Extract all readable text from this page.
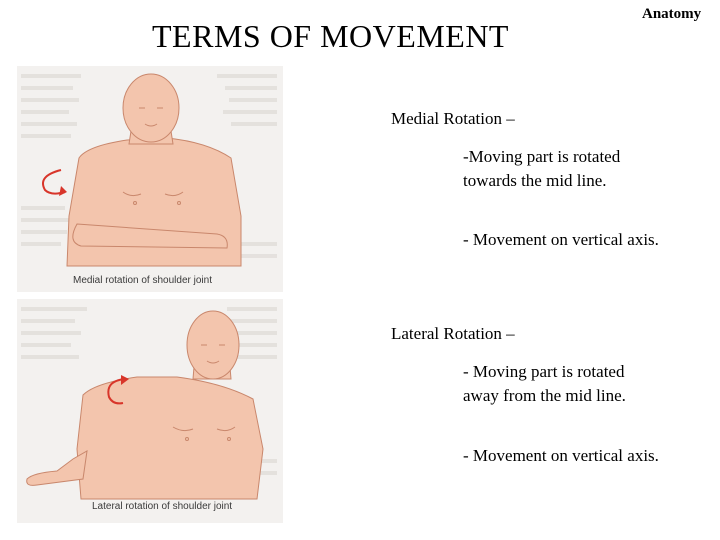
TERMS OF MOVEMENT
Anatomy
Medial rotation of shoulder joint
Lateral rotation of shoulder joint
Medial Rotation –
-Moving part is rotated towards the mid line.
- Movement on vertical axis.
Lateral Rotation –
- Moving part is rotated away from the mid line.
- Movement on vertical axis.
